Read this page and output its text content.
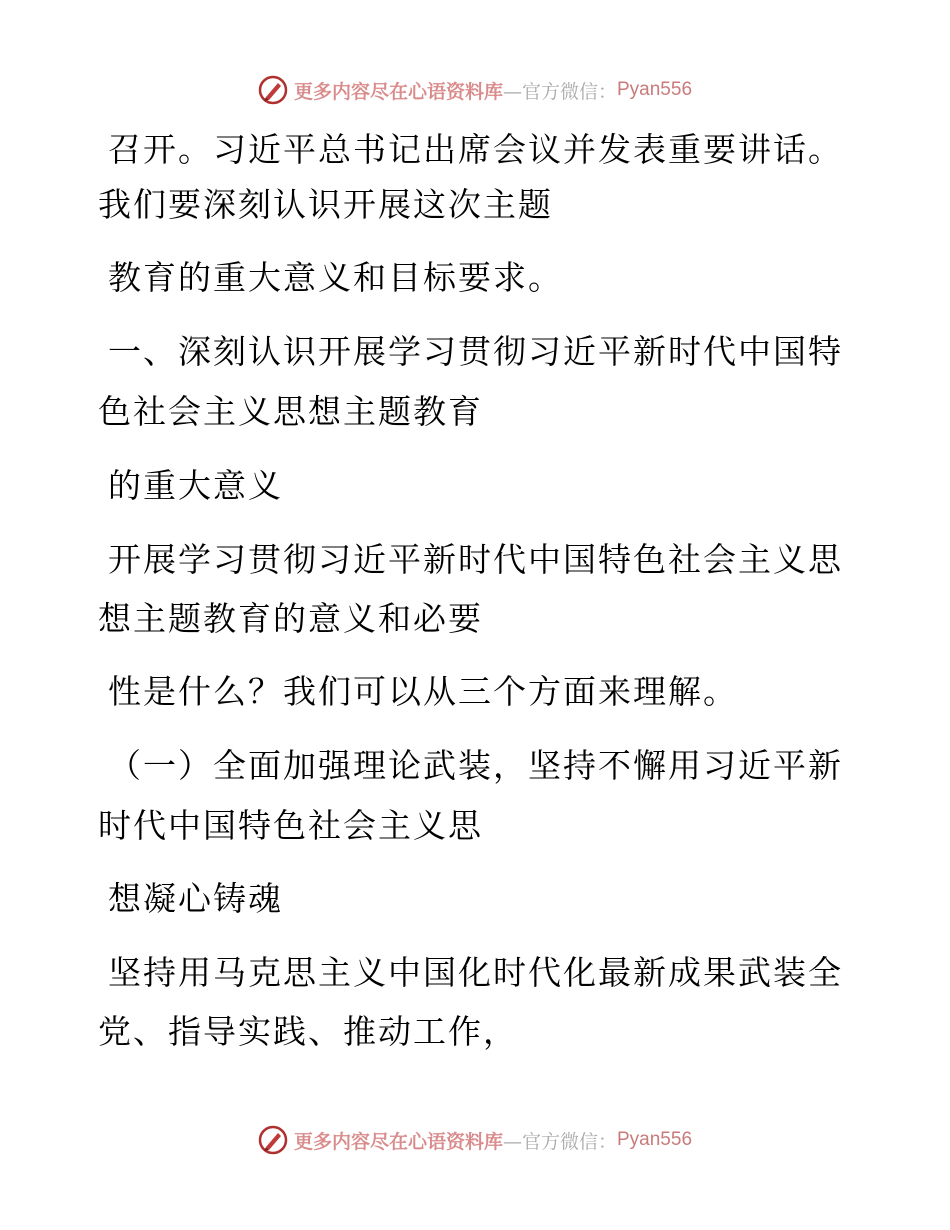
更多内容尽在心语资料库 —官方微信： Pyan556
召开。习近平总书记出席会议并发表重要讲话。
我们要深刻认识开展这次主题
教育的重大意义和目标要求。
一、深刻认识开展学习贯彻习近平新时代中国特
色社会主义思想主题教育
的重大意义
开展学习贯彻习近平新时代中国特色社会主义思
想主题教育的意义和必要
性是什么？我们可以从三个方面来理解。
（一）全面加强理论武装，坚持不懈用习近平新
时代中国特色社会主义思
想凝心铸魂
坚持用马克思主义中国化时代化最新成果武装全
党、指导实践、推动工作，
更多内容尽在心语资料库 —官方微信： Pyan556
